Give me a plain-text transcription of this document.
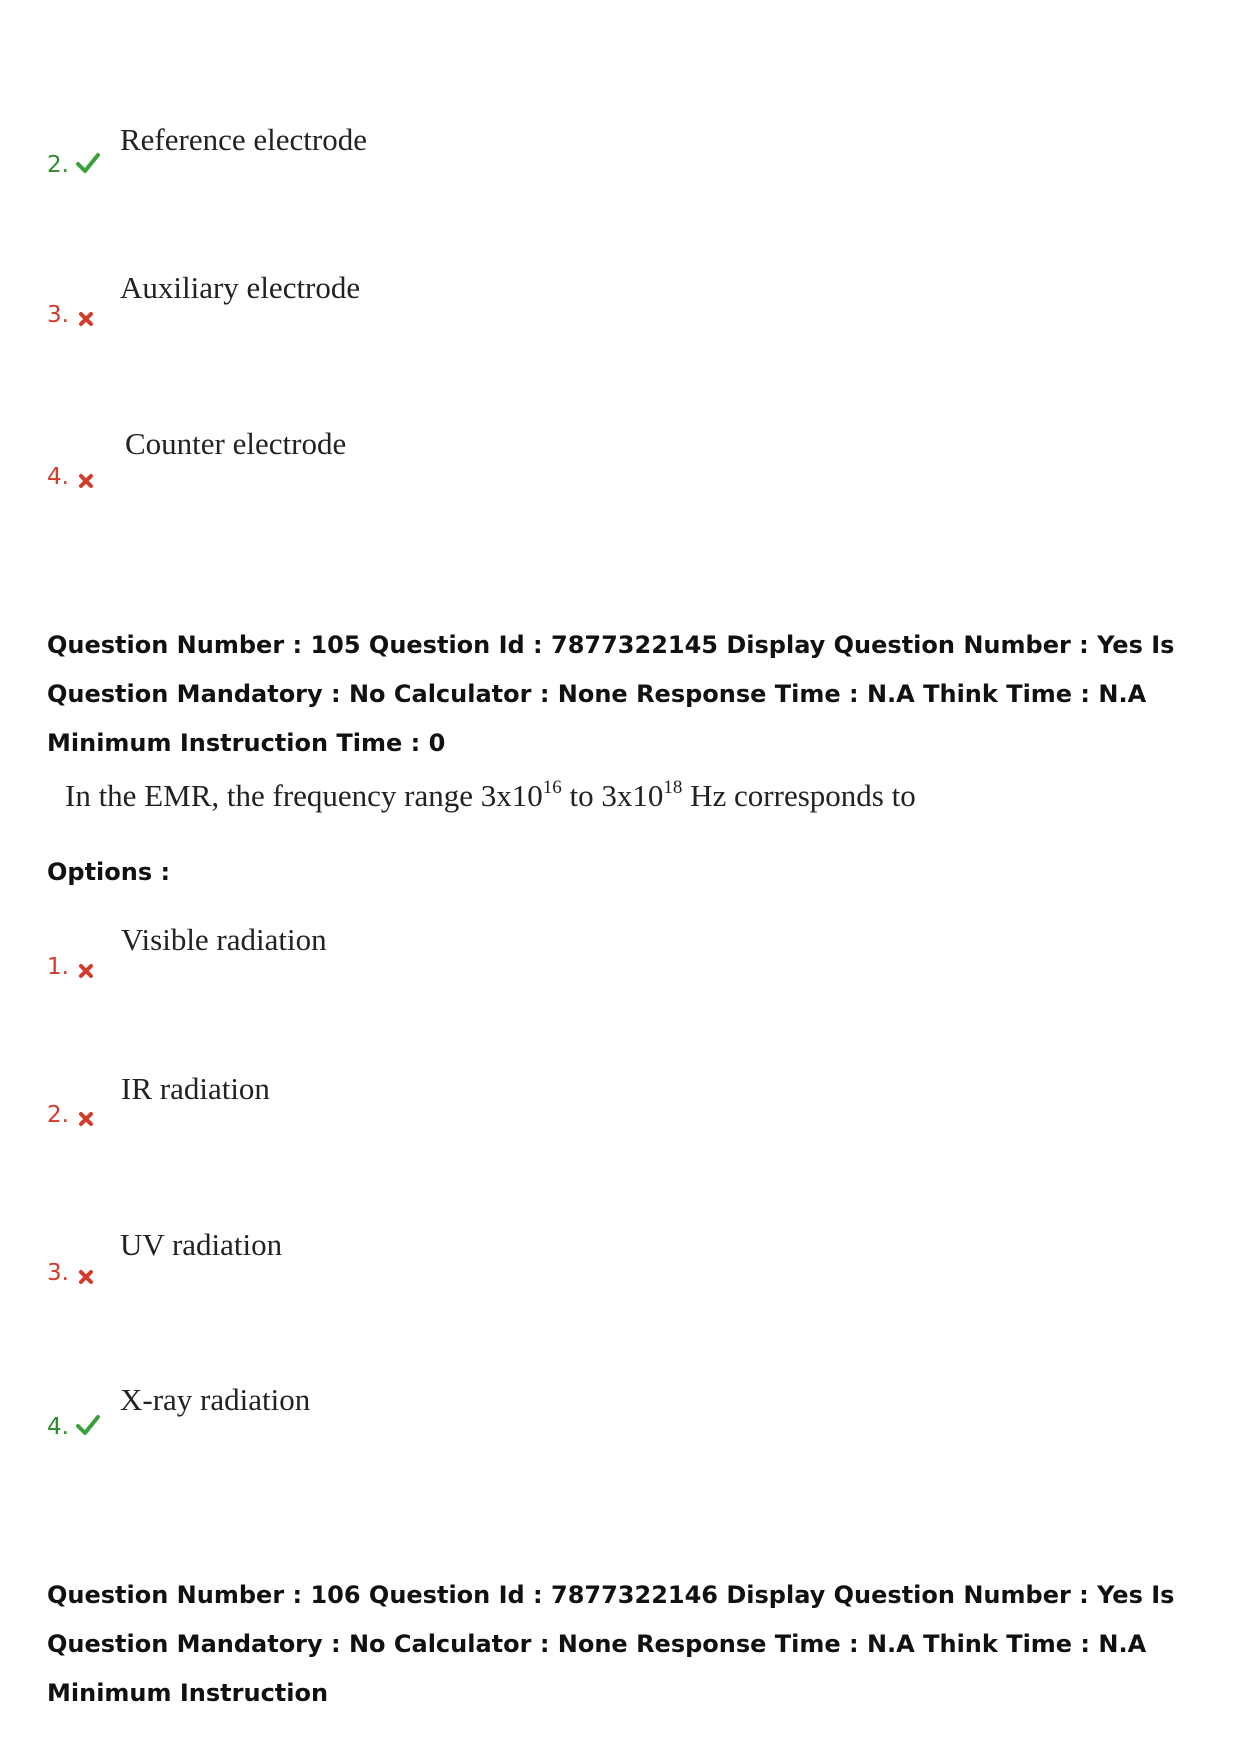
2.
Reference electrode
3.
Auxiliary electrode
4.
Counter electrode
Question Number : 105 Question Id : 7877322145 Display Question Number : Yes Is Question Mandatory : No Calculator : None Response Time : N.A Think Time : N.A Minimum Instruction Time : 0
In the EMR, the frequency range $3x10^{16}$ to $3x10^{18}$ Hz corresponds to
Options :
1.
Visible radiation
2.
IR radiation
3.
UV radiation
4.
X-ray radiation
Question Number : 106 Question Id : 7877322146 Display Question Number : Yes Is Question Mandatory : No Calculator : None Response Time : N.A Think Time : N.A Minimum Instruction
